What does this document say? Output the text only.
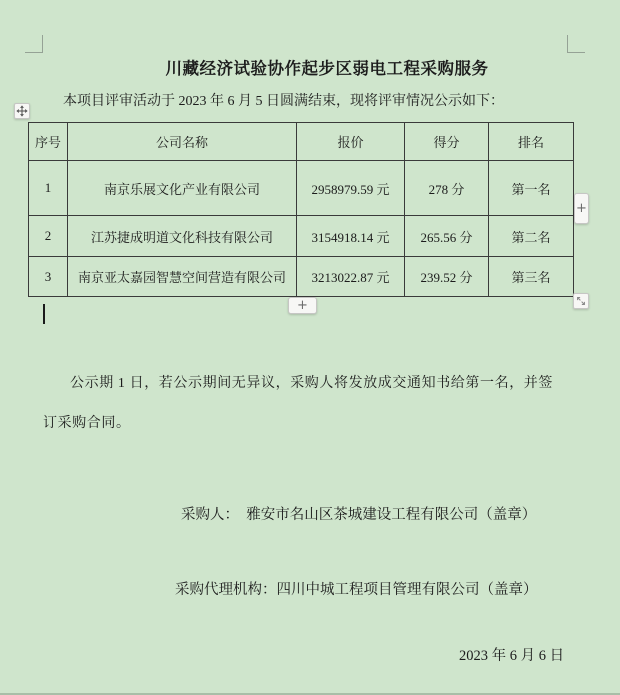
川藏经济试验协作起步区弱电工程采购服务

本项目评审活动于 2023 年 6 月 5 日圆满结束，现将评审情况公示如下：

序号	公司名称	报价	得分	排名
1	南京乐展文化产业有限公司	2958979.59 元	278 分	第一名
2	江苏捷成明道文化科技有限公司	3154918.14 元	265.56 分	第二名
3	南京亚太嘉园智慧空间营造有限公司	3213022.87 元	239.52 分	第三名
+
+

公示期 1 日，若公示期间无异议，采购人将发放成交通知书给第一名，并签

订采购合同。

采购人：  雅安市名山区茶城建设工程有限公司（盖章）

采购代理机构：四川中城工程项目管理有限公司（盖章）

2023 年 6 月 6 日
